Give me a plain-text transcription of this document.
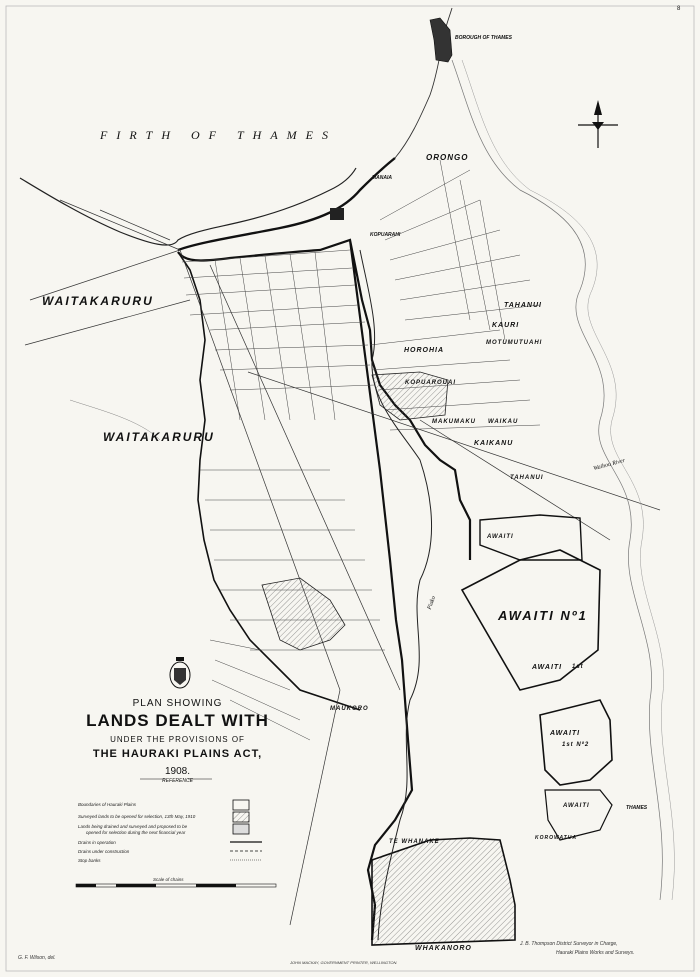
8
FIRTH OF THAMES
BOROUGH OF THAMES
ORONGO
WAITAKARURU
WAITAKARURU
KOPUARAHI
TAHANUI
KAURI
MOTUMUTUAHI
HOROHIA
KOPUAROUAI
MAKUMAKU WAIKAU
KAIKANU
TAHANUI
AWAITI
AWAITI Nº1
AWAITI 1st
AWAITI
1st Nº2
AWAITI
KOROWATUA
MAUKORO
TE WHANAKE
WHAKANORO
THAMES
Waihou River
Piako
MANAIA
PLAN SHOWING
LANDS DEALT WITH
UNDER THE PROVISIONS OF
THE HAURAKI PLAINS ACT,
1908.
REFERENCE
Boundaries of Hauraki Plains
Surveyed lands to be opened for selection, 13th May, 1910
Lands being drained and surveyed and proposed to be
opened for selection during the next financial year
Drains in operation
Drains under construction
Stop banks
Scale of chains
G. F. Wilson, del.
J. B. Thompson District Surveyor in Charge,
Hauraki Plains Works and Surveys.
JOHN MACKAY, GOVERNMENT PRINTER, WELLINGTON.
